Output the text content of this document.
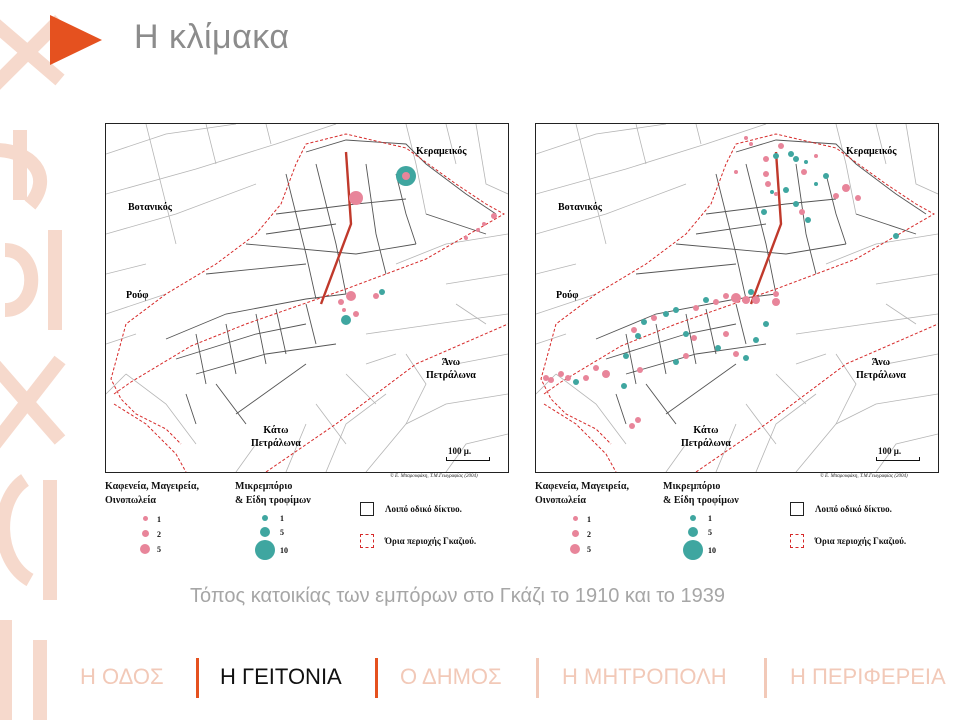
Η κλίμακα
Κεραμεικός
Βοτανικός
Ρούφ
Άνω
Πετράλωνα
Κάτω
Πετράλωνα
100 μ.
© Ε. Μπαρουφάκη, Τ.Μ.Γεωγραφίας (2004)
Κεραμεικός
Βοτανικός
Ρούφ
Άνω
Πετράλωνα
Κάτω
Πετράλωνα
100 μ.
© Ε. Μπαρουφάκη, Τ.Μ.Γεωγραφίας (2004)
Καφενεία, Μαγειρεία,
Οινοπωλεία
1
2
5
Μικρεμπόριο
& Είδη τροφίμων
1
5
10
Λοιπό οδικό δίκτυο.
Όρια περιοχής Γκαζιού.
Καφενεία, Μαγειρεία,
Οινοπωλεία
1
2
5
Μικρεμπόριο
& Είδη τροφίμων
1
5
10
Λοιπό οδικό δίκτυο.
Όρια περιοχής Γκαζιού.
Τόπος κατοικίας των εμπόρων στο Γκάζι το 1910 και το 1939
Η ΟΔΟΣ	Η ΓΕΙΤΟΝΙΑ	Ο ΔΗΜΟΣ	Η ΜΗΤΡΟΠΟΛΗ	Η ΠΕΡΙΦΕΡΕΙΑ
